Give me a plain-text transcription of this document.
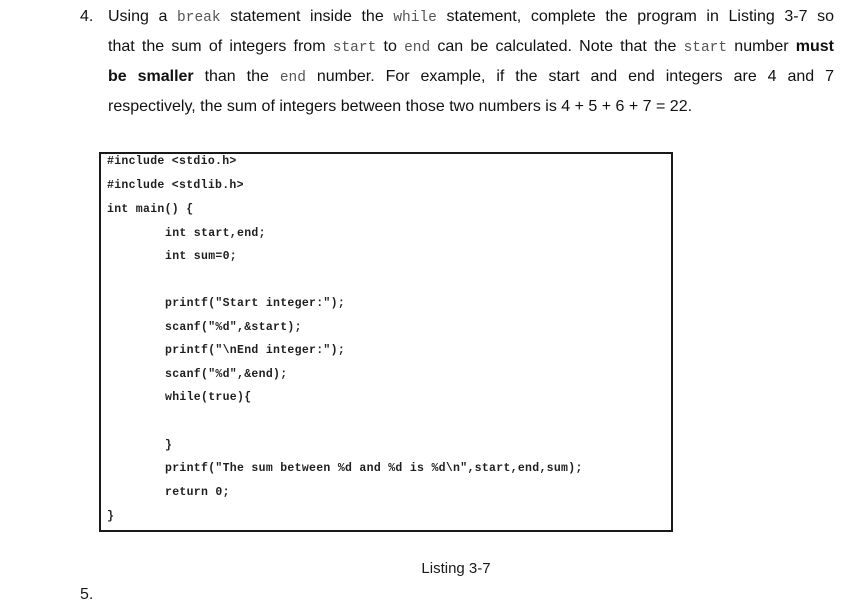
4. Using a break statement inside the while statement, complete the program in Listing 3-7 so
that the sum of integers from start to end can be calculated. Note that the start number must
be smaller than the end number. For example, if the start and end integers are 4 and 7
respectively, the sum of integers between those two numbers is 4 + 5 + 6 + 7 = 22.
#include <stdio.h>
#include <stdlib.h>
int main() {
int start,end;
int sum=0;
printf("Start integer:");
scanf("%d",&start);
printf("\nEnd integer:");
scanf("%d",&end);
while(true){
}
printf("The sum between %d and %d is %d\n",start,end,sum);
return 0;
}
Listing 3-7
5.
